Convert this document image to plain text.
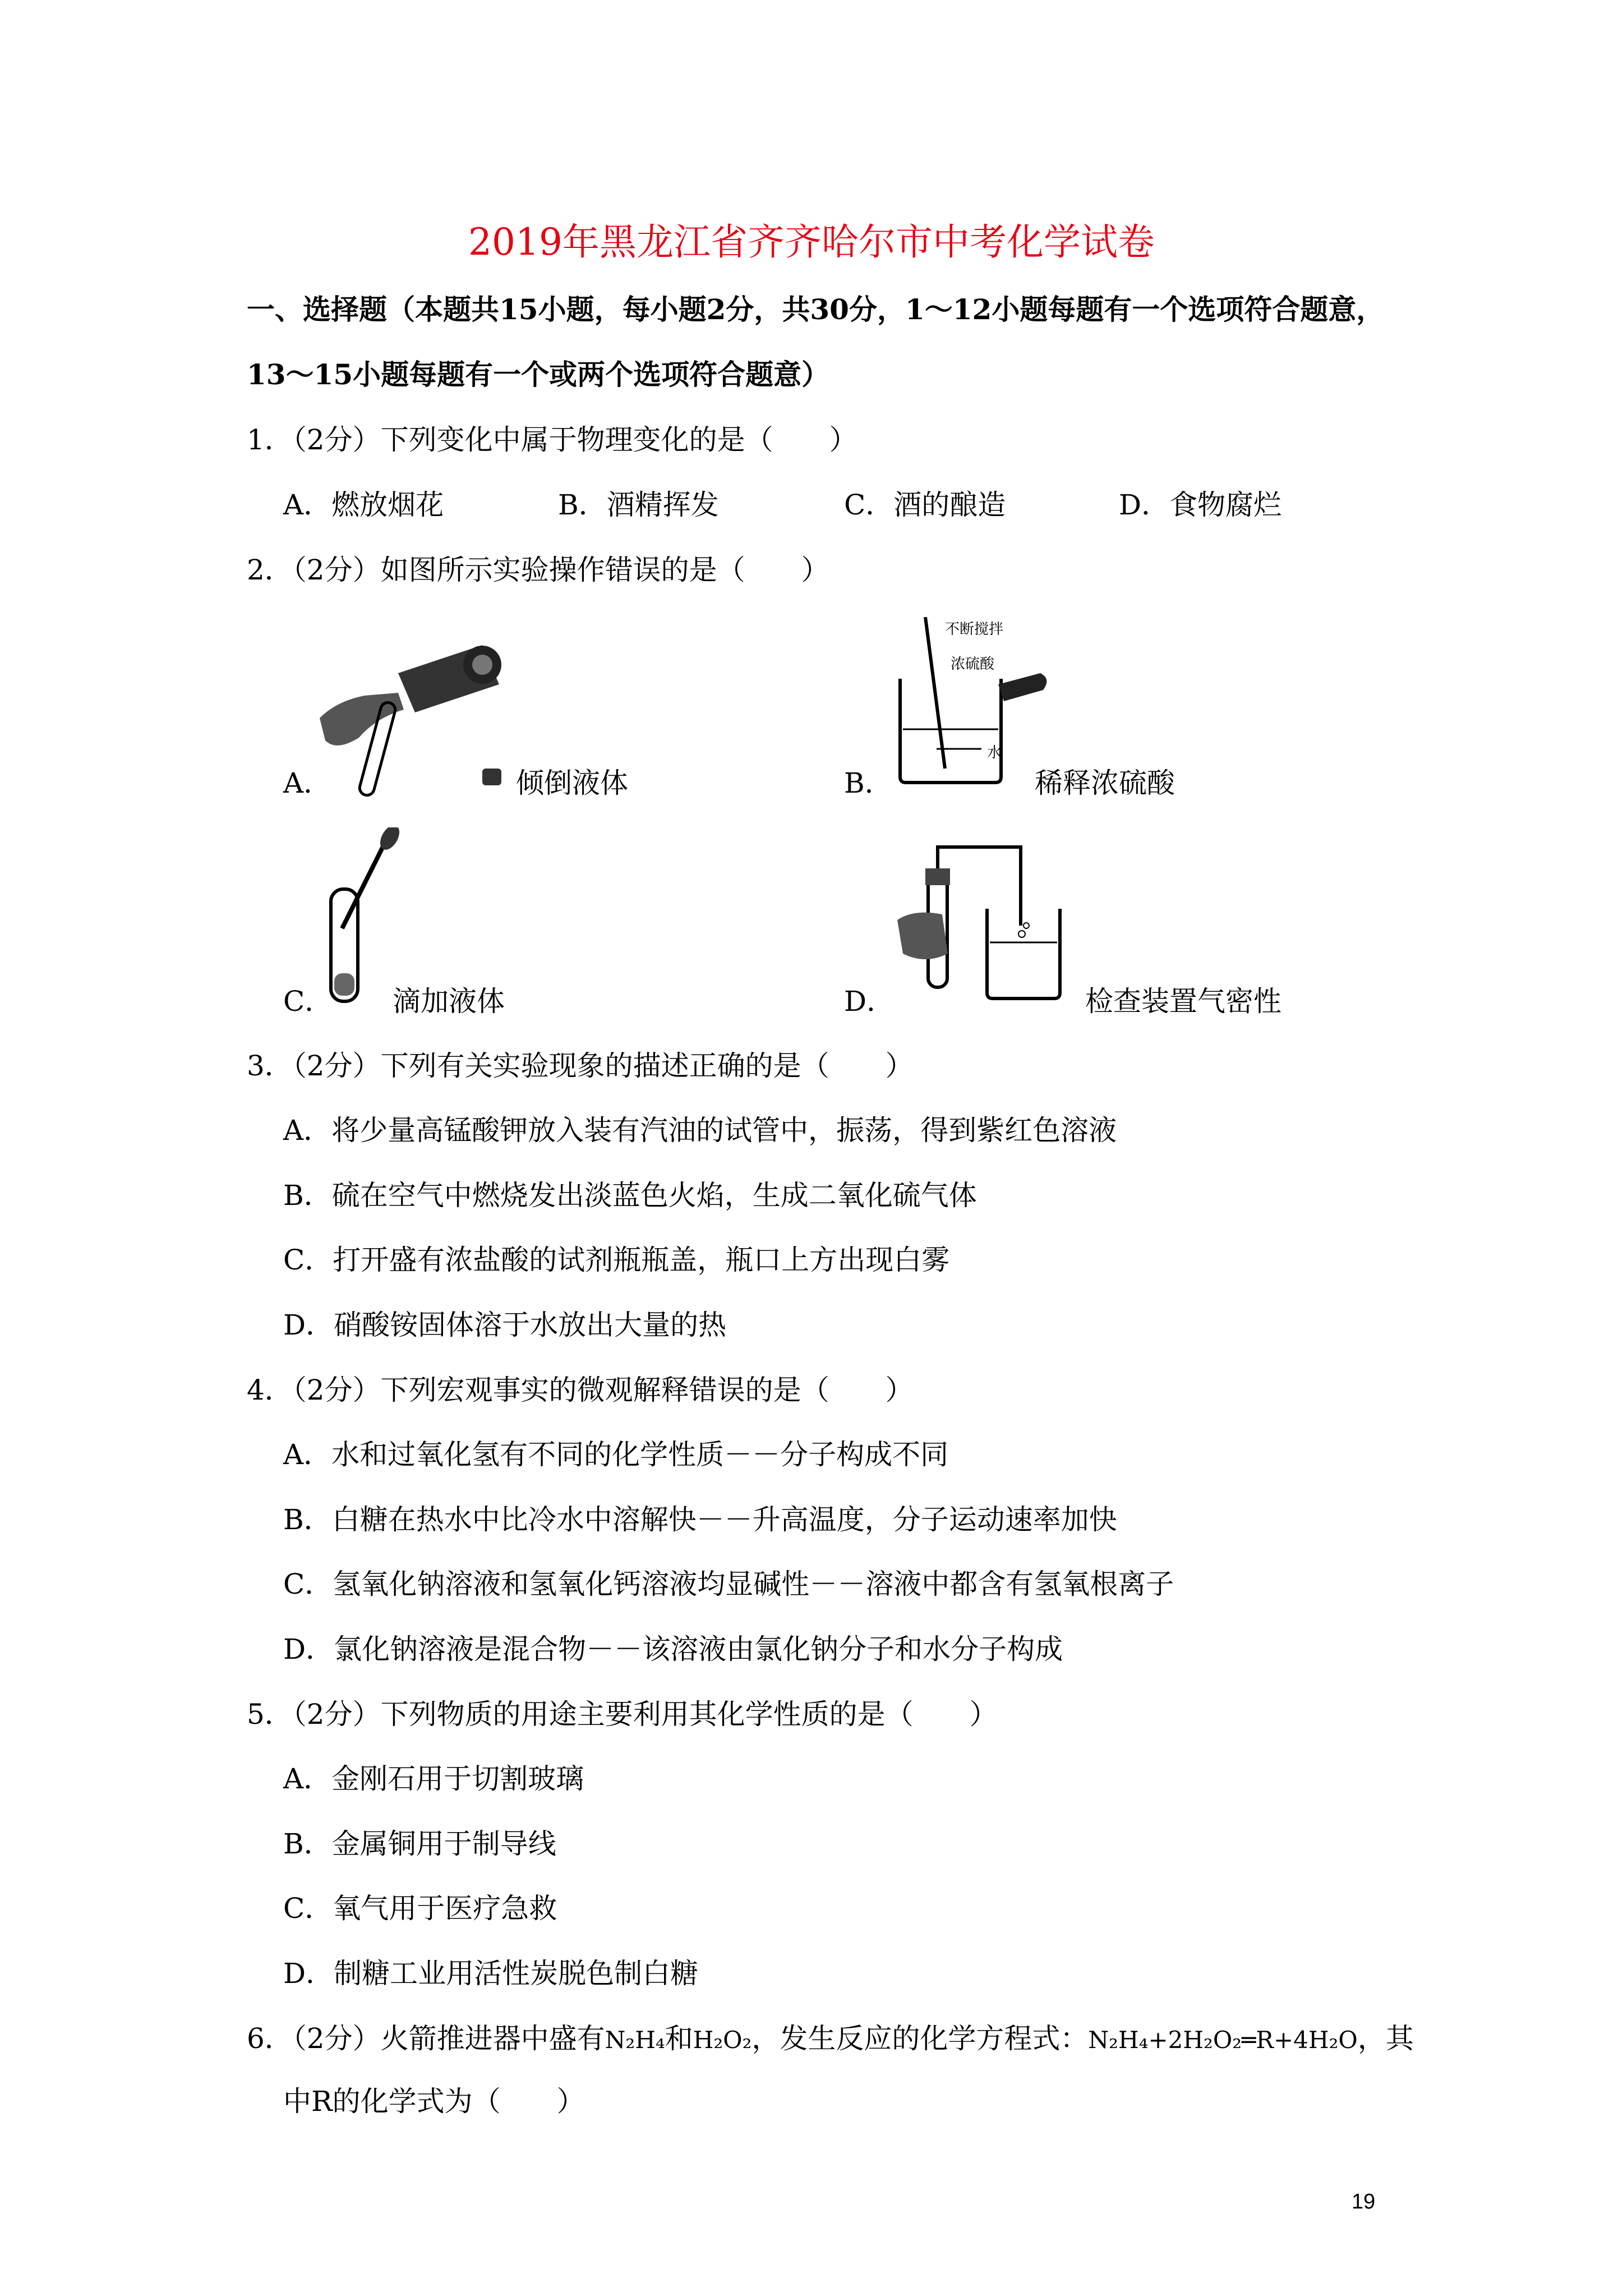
2019年黑龙江省齐齐哈尔市中考化学试卷
一、选择题（本题共15小题，每小题2分，共30分，1～12小题每题有一个选项符合题意，
13～15小题每题有一个或两个选项符合题意）
1．（2分）下列变化中属于物理变化的是（　　）
A．燃放烟花	B．酒精挥发	C．酒的酿造	D．食物腐烂
2．（2分）如图所示实验操作错误的是（　　）
A．	倾倒液体
不断搅拌
浓硫酸
水
B．	稀释浓硫酸
C． 滴加液体	D．	检查装置气密性
3．（2分）下列有关实验现象的描述正确的是（　　）
A．将少量高锰酸钾放入装有汽油的试管中，振荡，得到紫红色溶液
B．硫在空气中燃烧发出淡蓝色火焰，生成二氧化硫气体
C．打开盛有浓盐酸的试剂瓶瓶盖，瓶口上方出现白雾
D．硝酸铵固体溶于水放出大量的热
4．（2分）下列宏观事实的微观解释错误的是（　　）
A．水和过氧化氢有不同的化学性质－－分子构成不同
B．白糖在热水中比冷水中溶解快－－升高温度，分子运动速率加快
C．氢氧化钠溶液和氢氧化钙溶液均显碱性－－溶液中都含有氢氧根离子
D．氯化钠溶液是混合物－－该溶液由氯化钠分子和水分子构成
5．（2分）下列物质的用途主要利用其化学性质的是（　　）
A．金刚石用于切割玻璃
B．金属铜用于制导线
C．氧气用于医疗急救
D．制糖工业用活性炭脱色制白糖
6．（2分）火箭推进器中盛有N₂H₄和H₂O₂，发生反应的化学方程式：N₂H₄+2H₂O₂═R+4H₂O，其
中R的化学式为（　　）
19
